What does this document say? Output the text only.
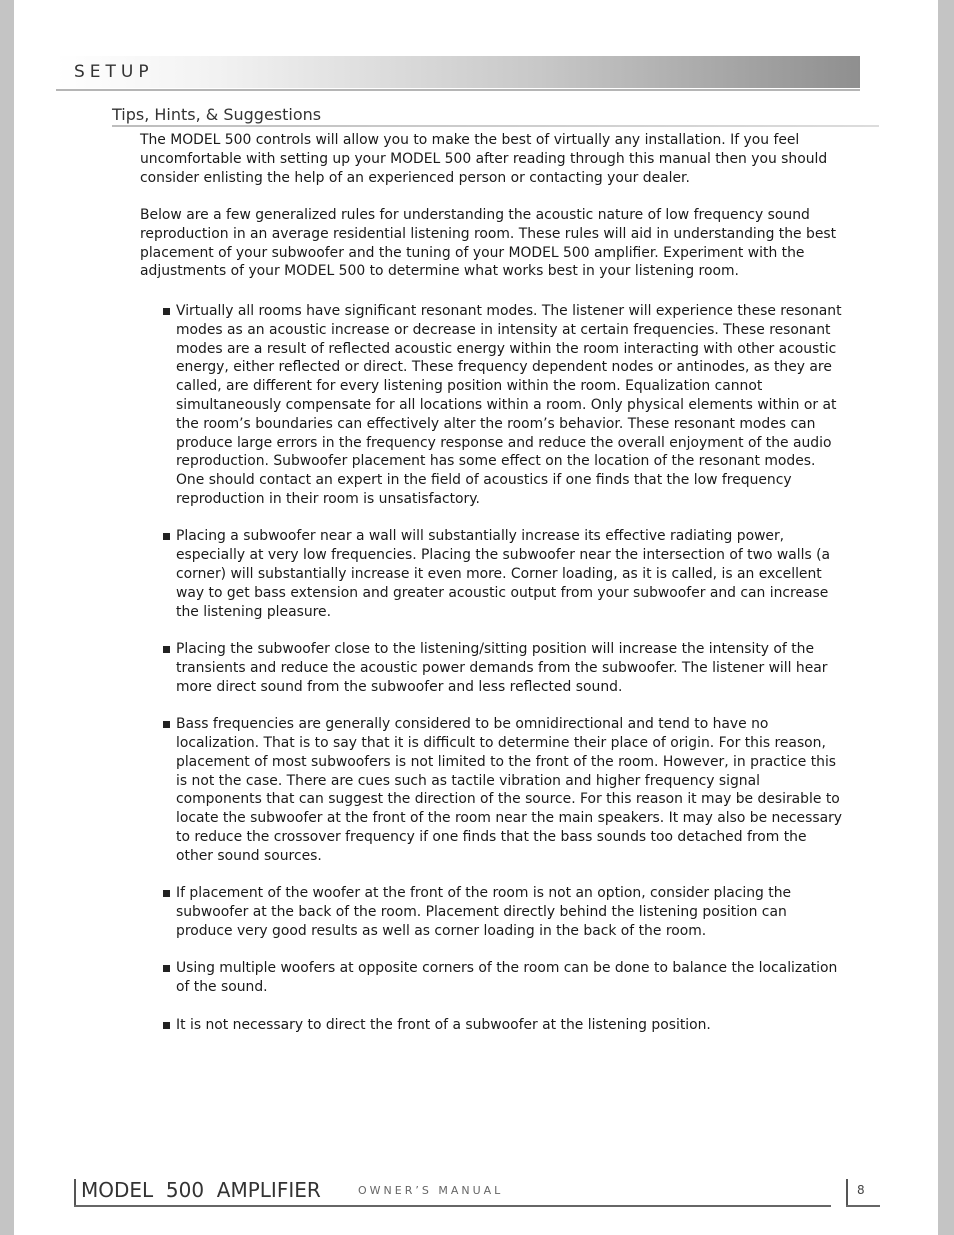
SETUP
Tips, Hints, & Suggestions

The MODEL 500 controls will allow you to make the best of virtually any installation. If you feel uncomfortable with setting up your MODEL 500 after reading through this manual then you should consider enlisting the help of an experienced person or contacting your dealer.

Below are a few generalized rules for understanding the acoustic nature of low frequency sound reproduction in an average residential listening room. These rules will aid in understanding the best placement of your subwoofer and the tuning of your MODEL 500 amplifier. Experiment with the adjustments of your MODEL 500 to determine what works best in your listening room.

Virtually all rooms have significant resonant modes. The listener will experience these resonant modes as an acoustic increase or decrease in intensity at certain frequencies. These resonant modes are a result of reflected acoustic energy within the room interacting with other acoustic energy, either reflected or direct. These frequency dependent nodes or antinodes, as they are called, are different for every listening position within the room. Equalization cannot simultaneously compensate for all locations within a room. Only physical elements within or at the room’s boundaries can effectively alter the room’s behavior. These resonant modes can produce large errors in the frequency response and reduce the overall enjoyment of the audio reproduction. Subwoofer placement has some effect on the location of the resonant modes. One should contact an expert in the field of acoustics if one finds that the low frequency reproduction in their room is unsatisfactory.
Placing a subwoofer near a wall will substantially increase its effective radiating power, especially at very low frequencies. Placing the subwoofer near the intersection of two walls (a corner) will substantially increase it even more. Corner loading, as it is called, is an excellent way to get bass extension and greater acoustic output from your subwoofer and can increase the listening pleasure.
Placing the subwoofer close to the listening/sitting position will increase the intensity of the transients and reduce the acoustic power demands from the subwoofer. The listener will hear more direct sound from the subwoofer and less reflected sound.
Bass frequencies are generally considered to be omnidirectional and tend to have no localization. That is to say that it is difficult to determine their place of origin. For this reason, placement of most subwoofers is not limited to the front of the room. However, in practice this is not the case. There are cues such as tactile vibration and higher frequency signal components that can suggest the direction of the source. For this reason it may be desirable to locate the subwoofer at the front of the room near the main speakers. It may also be necessary to reduce the crossover frequency if one finds that the bass sounds too detached from the other sound sources.
If placement of the woofer at the front of the room is not an option, consider placing the subwoofer at the back of the room. Placement directly behind the listening position can produce very good results as well as corner loading in the back of the room.
Using multiple woofers at opposite corners of the room can be done to balance the localization of the sound.
It is not necessary to direct the front of a subwoofer at the listening position.
MODEL  500  AMPLIFIER	OWNER’S MANUAL	8
